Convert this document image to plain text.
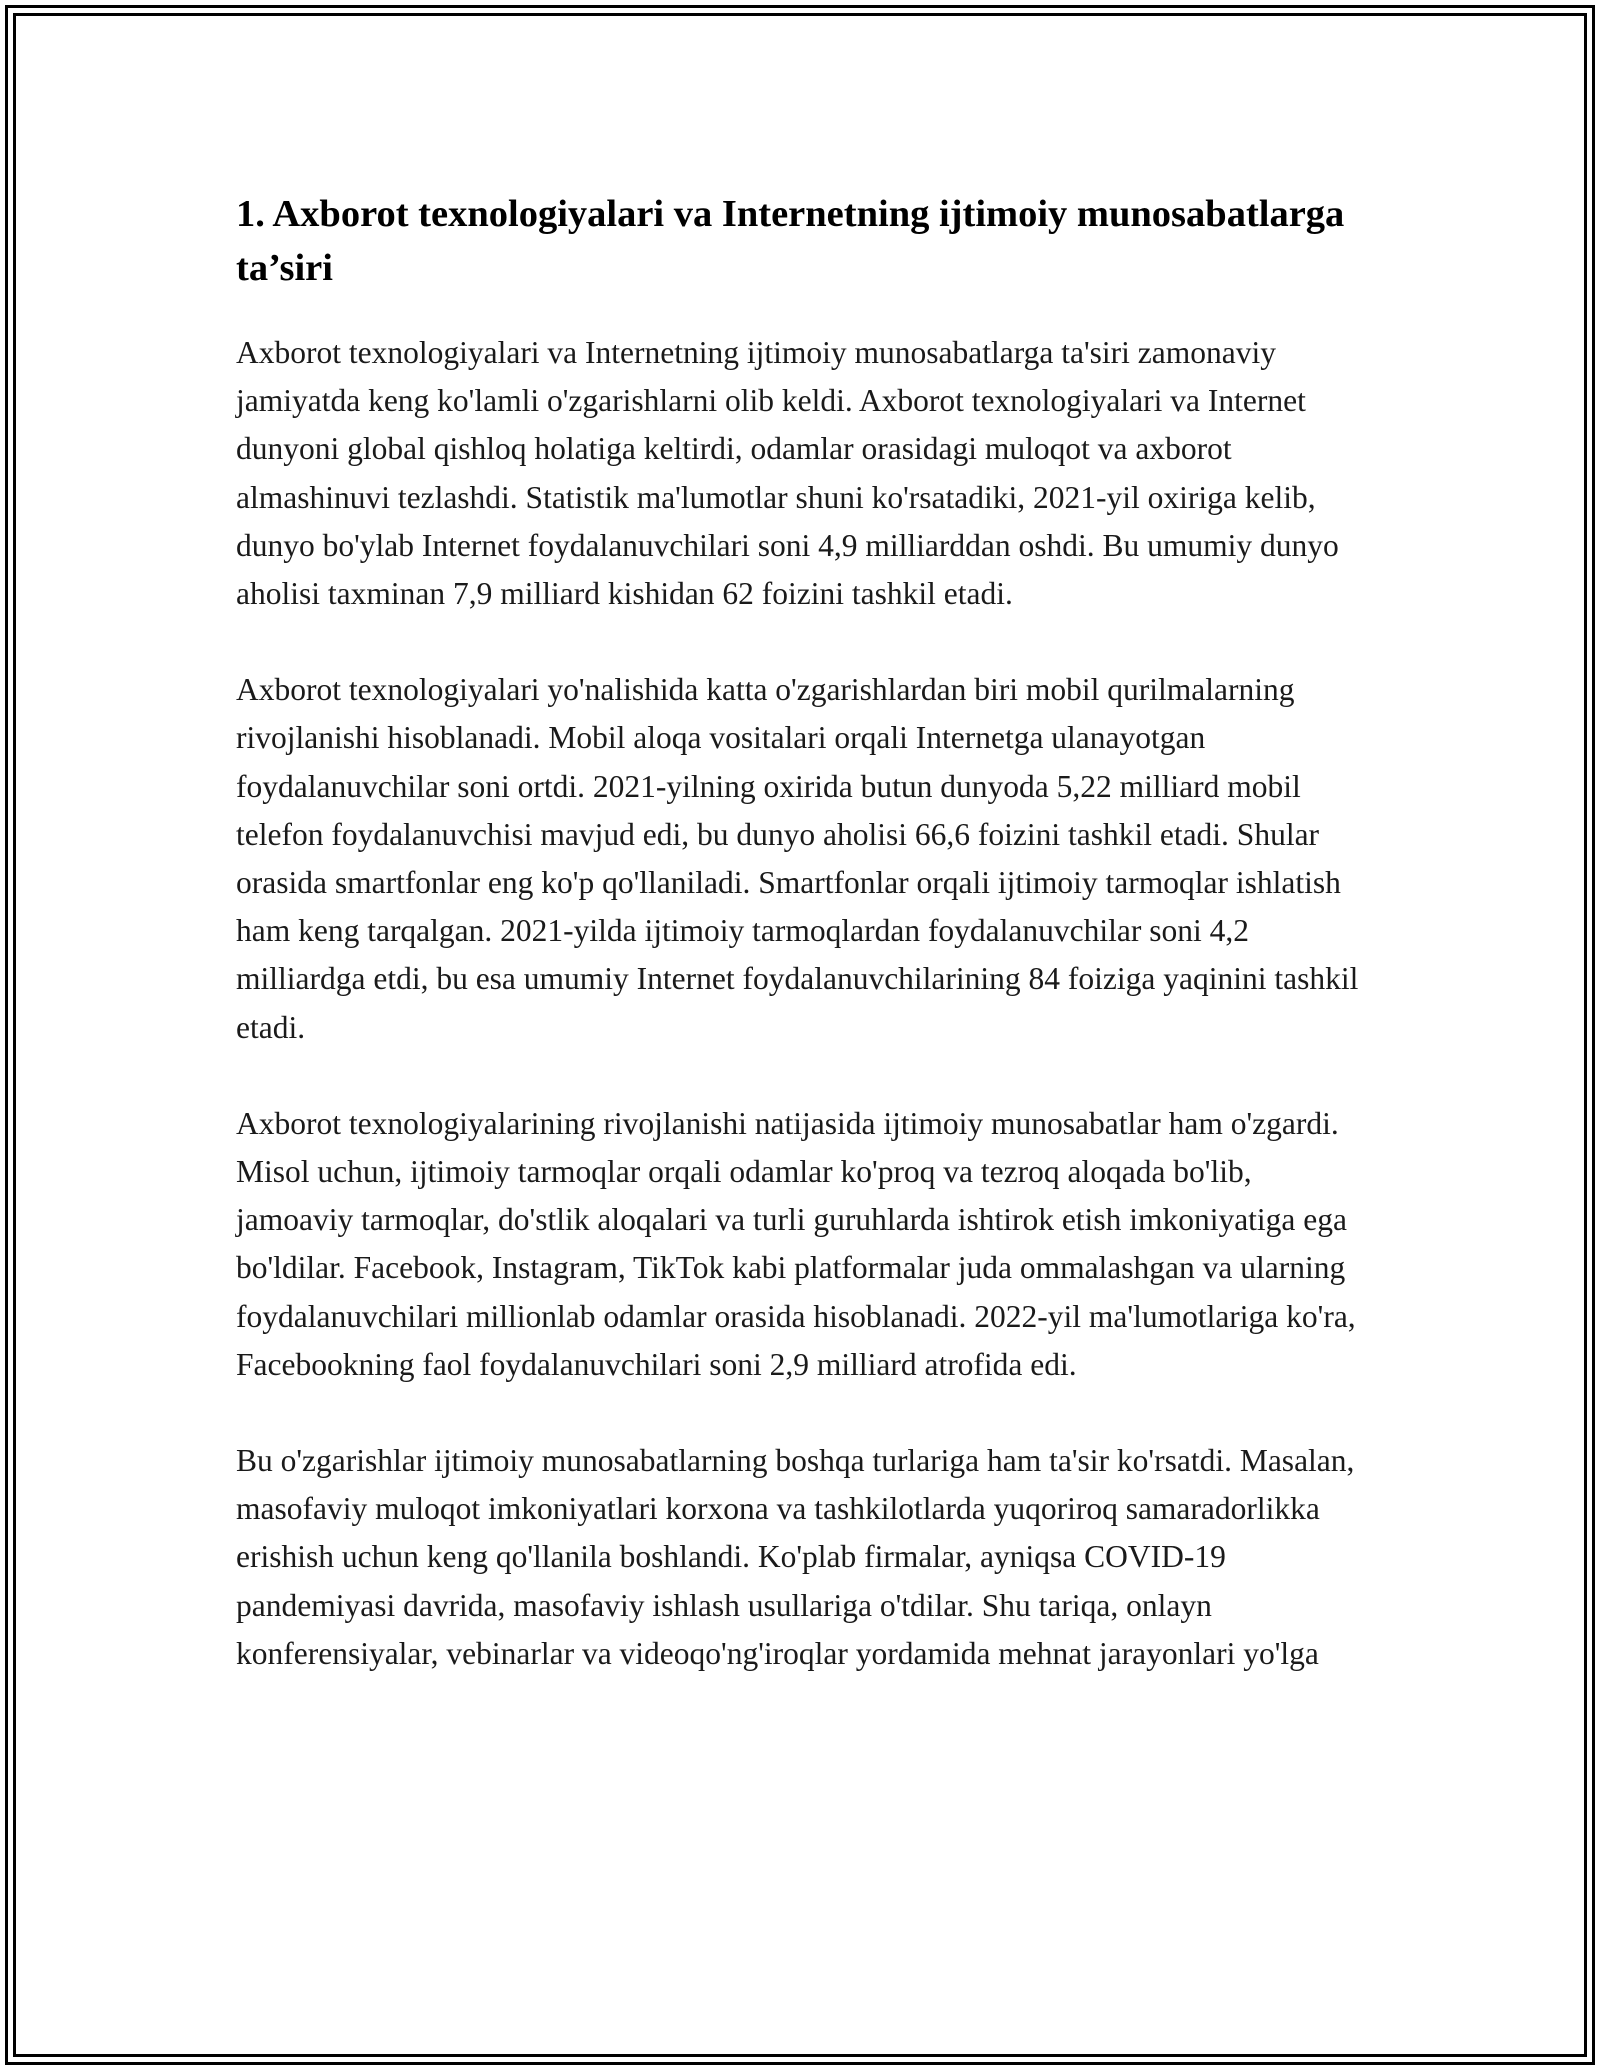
1. Axborot texnologiyalari va Internetning ijtimoiy munosabatlarga ta’siri

Axborot texnologiyalari va Internetning ijtimoiy munosabatlarga ta'siri zamonaviy jamiyatda keng ko'lamli o'zgarishlarni olib keldi. Axborot texnologiyalari va Internet dunyoni global qishloq holatiga keltirdi, odamlar orasidagi muloqot va axborot almashinuvi tezlashdi. Statistik ma'lumotlar shuni ko'rsatadiki, 2021-yil oxiriga kelib, dunyo bo'ylab Internet foydalanuvchilari soni 4,9 milliarddan oshdi. Bu umumiy dunyo aholisi taxminan 7,9 milliard kishidan 62 foizini tashkil etadi.

Axborot texnologiyalari yo'nalishida katta o'zgarishlardan biri mobil qurilmalarning rivojlanishi hisoblanadi. Mobil aloqa vositalari orqali Internetga ulanayotgan foydalanuvchilar soni ortdi. 2021-yilning oxirida butun dunyoda 5,22 milliard mobil telefon foydalanuvchisi mavjud edi, bu dunyo aholisi 66,6 foizini tashkil etadi. Shular orasida smartfonlar eng ko'p qo'llaniladi. Smartfonlar orqali ijtimoiy tarmoqlar ishlatish ham keng tarqalgan. 2021-yilda ijtimoiy tarmoqlardan foydalanuvchilar soni 4,2 milliardga etdi, bu esa umumiy Internet foydalanuvchilarining 84 foiziga yaqinini tashkil etadi.

Axborot texnologiyalarining rivojlanishi natijasida ijtimoiy munosabatlar ham o'zgardi. Misol uchun, ijtimoiy tarmoqlar orqali odamlar ko'proq va tezroq aloqada bo'lib, jamoaviy tarmoqlar, do'stlik aloqalari va turli guruhlarda ishtirok etish imkoniyatiga ega bo'ldilar. Facebook, Instagram, TikTok kabi platformalar juda ommalashgan va ularning foydalanuvchilari millionlab odamlar orasida hisoblanadi. 2022-yil ma'lumotlariga ko'ra, Facebookning faol foydalanuvchilari soni 2,9 milliard atrofida edi.

Bu o'zgarishlar ijtimoiy munosabatlarning boshqa turlariga ham ta'sir ko'rsatdi. Masalan, masofaviy muloqot imkoniyatlari korxona va tashkilotlarda yuqoriroq samaradorlikka erishish uchun keng qo'llanila boshlandi. Ko'plab firmalar, ayniqsa COVID-19 pandemiyasi davrida, masofaviy ishlash usullariga o'tdilar. Shu tariqa, onlayn konferensiyalar, vebinarlar va videoqo'ng'iroqlar yordamida mehnat jarayonlari yo'lga
